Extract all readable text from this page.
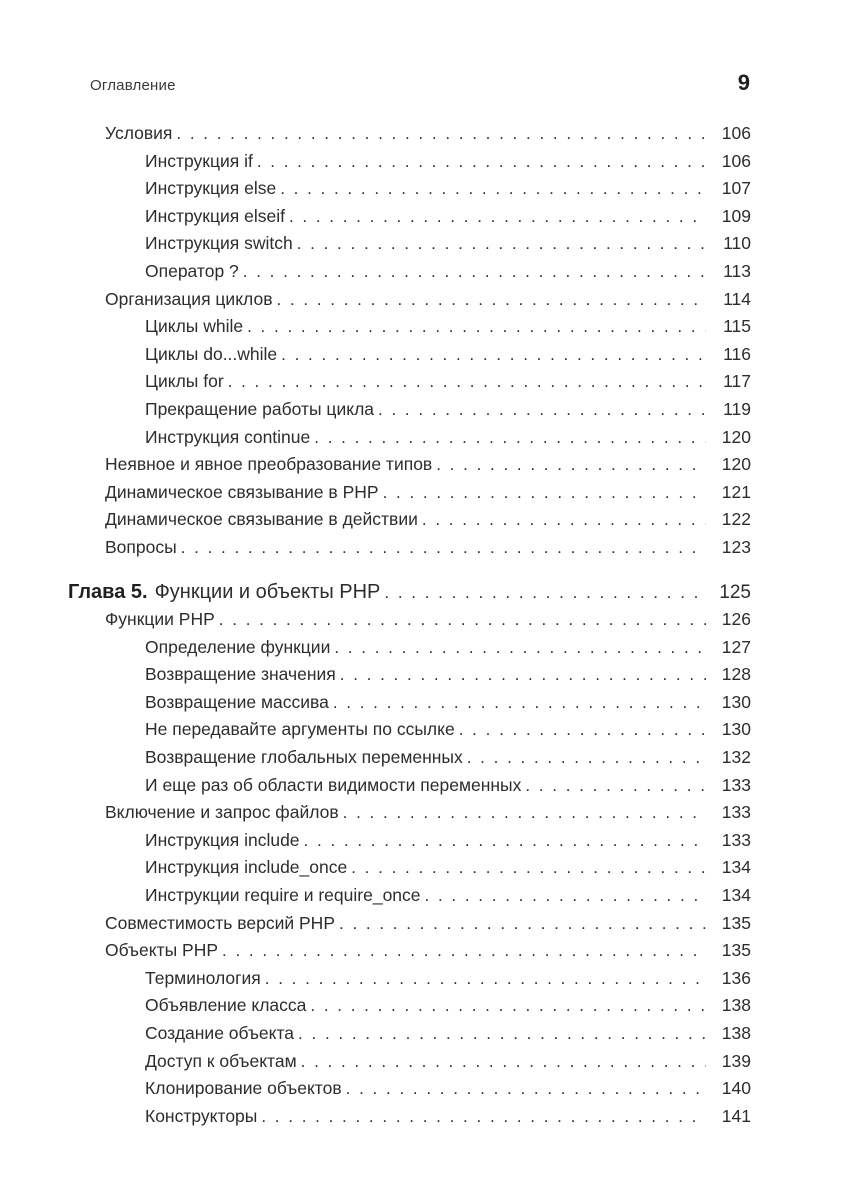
Оглавление	9
Условия . . .	106
Инструкция if . . .	106
Инструкция else . . .	107
Инструкция elseif . . .	109
Инструкция switch . . .	110
Оператор ? . . .	113
Организация циклов . . .	114
Циклы while . . .	115
Циклы do...while . . .	116
Циклы for . . .	117
Прекращение работы цикла . . .	119
Инструкция continue . . .	120
Неявное и явное преобразование типов . . .	120
Динамическое связывание в PHP . . .	121
Динамическое связывание в действии . . .	122
Вопросы . . .	123
Глава 5. Функции и объекты PHP . . .	125
Функции PHP . . .	126
Определение функции . . .	127
Возвращение значения . . .	128
Возвращение массива . . .	130
Не передавайте аргументы по ссылке . . .	130
Возвращение глобальных переменных . . .	132
И еще раз об области видимости переменных . . .	133
Включение и запрос файлов . . .	133
Инструкция include . . .	133
Инструкция include_once . . .	134
Инструкции require и require_once . . .	134
Совместимость версий PHP . . .	135
Объекты PHP . . .	135
Терминология . . .	136
Объявление класса . . .	138
Создание объекта . . .	138
Доступ к объектам . . .	139
Клонирование объектов . . .	140
Конструкторы . . .	141
